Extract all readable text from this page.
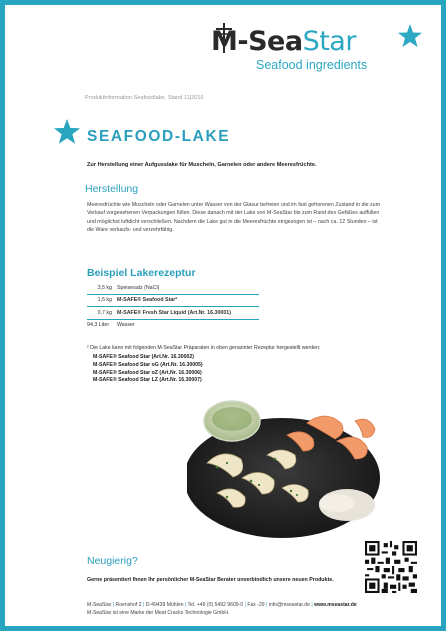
M-SeaStar
Seafood ingredients
Produktinformation Seafoodlake, Stand 11|2016
SEAFOOD-LAKE
Zur Herstellung einer Aufgusslake für Muscheln, Garnelen oder andere Meeresfrüchte.
Herstellung
Meeresfrüchte wie Muscheln oder Garnelen unter Wasser von der Glasur befreien und im fast gefrorenen Zustand in die zum
Verkauf vorgesehenen Verpackungen füllen. Diese danach mit der Lake von M-SeaStar bis zum Rand des Gefäßes auffüllen
und möglichst luftdicht verschließen. Nachdem die Lake gut in die Meeresfrüchte eingezogen ist – nach ca. 12 Stunden – ist
die Ware verkaufs- und verzehrfähig.
Beispiel Lakerezeptur
3,5 kg Speisesalz (NaCl)
1,5 kg M-SAFE® Seafood Star²
0,7 kg M-SAFE® Fresh Star Liquid (Art.Nr. 16.30001)
94,3 Liter	Wasser
² Die Lake kann mit folgenden M-SeaStar Präparaten in oben genannter Rezeptur hergestellt werden:
M-SAFE® Seafood Star (Art.Nr. 16.30002)
M-SAFE® Seafood Star oG (Art.Nr. 16.30005)
M-SAFE® Seafood Star oZ (Art.Nr. 16.30006)
M-SAFE® Seafood Star LZ (Art.Nr. 16.30007)
Neugierig?
Gerne präsentiert Ihnen Ihr persönlicher M-SeaStar Berater unverbindlich unsere neuen Produkte.
M-SeaStar | Roenshof 2 | D-49439 Mühlen | Tel. +49 (0) 5492 9609-0 | Fax -29 | info@mseastar.de | www.mseastar.de
M-SeaStar ist eine Marke der Meat Cracks Technologie GmbH.
